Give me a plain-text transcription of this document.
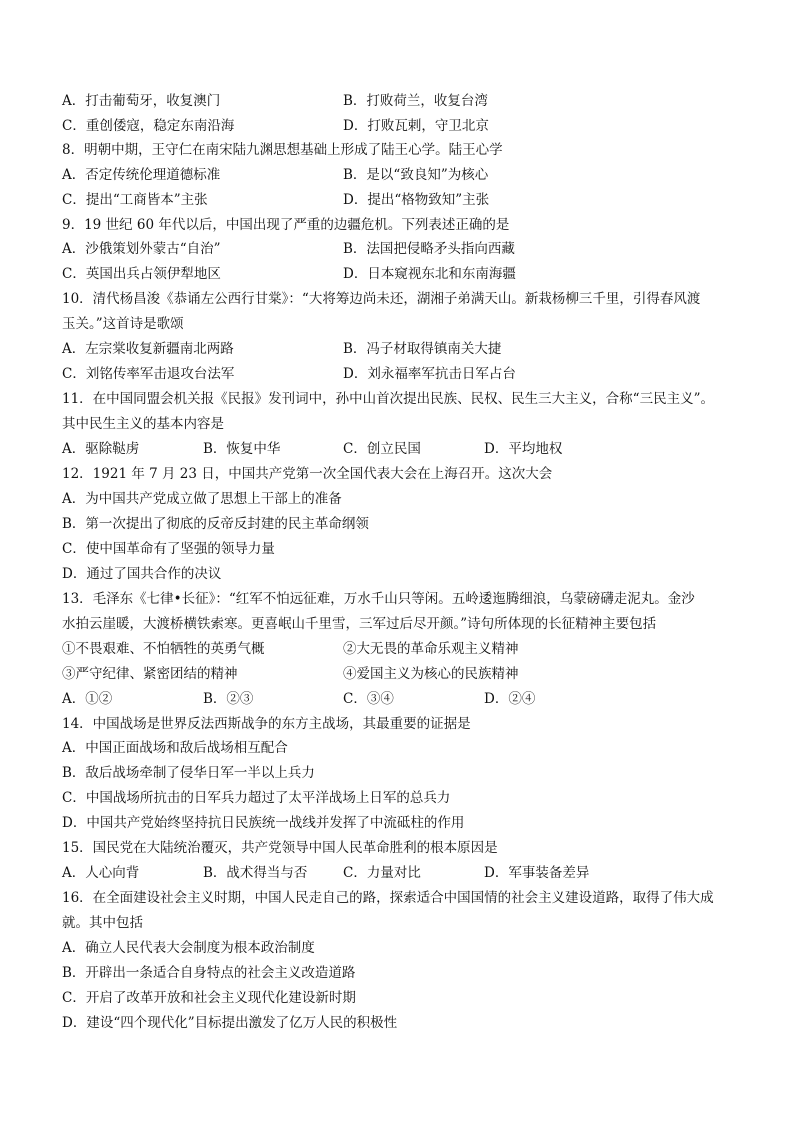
A．打击葡萄牙，收复澳门	B．打败荷兰，收复台湾
C．重创倭寇，稳定东南沿海	D．打败瓦剌，守卫北京
8．明朝中期，王守仁在南宋陆九渊思想基础上形成了陆王心学。陆王心学
A．否定传统伦理道德标准	B．是以“致良知”为核心
C．提出“工商皆本”主张	D．提出“格物致知”主张
9．19 世纪 60 年代以后，中国出现了严重的边疆危机。下列表述正确的是
A．沙俄策划外蒙古“自治”	B．法国把侵略矛头指向西藏
C．英国出兵占领伊犁地区	D．日本窥视东北和东南海疆
10．清代杨昌浚《恭诵左公西行甘棠》：“大将筹边尚未还，湖湘子弟满天山。新栽杨柳三千里，引得春风渡
玉关。”这首诗是歌颂
A．左宗棠收复新疆南北两路	B．冯子材取得镇南关大捷
C．刘铭传率军击退攻台法军	D．刘永福率军抗击日军占台
11．在中国同盟会机关报《民报》发刊词中，孙中山首次提出民族、民权、民生三大主义，合称“三民主义”。
其中民生主义的基本内容是
A．驱除鞑虏	B．恢复中华	C．创立民国	D．平均地权
12．1921 年 7 月 23 日，中国共产党第一次全国代表大会在上海召开。这次大会
A．为中国共产党成立做了思想上干部上的准备
B．第一次提出了彻底的反帝反封建的民主革命纲领
C．使中国革命有了坚强的领导力量
D．通过了国共合作的决议
13．毛泽东《七律•长征》：“红军不怕远征难，万水千山只等闲。五岭逶迤腾细浪，乌蒙磅礴走泥丸。金沙
水拍云崖暖，大渡桥横铁索寒。更喜岷山千里雪，三军过后尽开颜。”诗句所体现的长征精神主要包括
①不畏艰难、不怕牺牲的英勇气概	②大无畏的革命乐观主义精神
③严守纪律、紧密团结的精神	④爱国主义为核心的民族精神
A．①②	B．②③	C．③④	D．②④
14．中国战场是世界反法西斯战争的东方主战场，其最重要的证据是
A．中国正面战场和敌后战场相互配合
B．敌后战场牵制了侵华日军一半以上兵力
C．中国战场所抗击的日军兵力超过了太平洋战场上日军的总兵力
D．中国共产党始终坚持抗日民族统一战线并发挥了中流砥柱的作用
15．国民党在大陆统治覆灭，共产党领导中国人民革命胜利的根本原因是
A．人心向背	B．战术得当与否	C．力量对比	D．军事装备差异
16．在全面建设社会主义时期，中国人民走自己的路，探索适合中国国情的社会主义建设道路，取得了伟大成
就。其中包括
A．确立人民代表大会制度为根本政治制度
B．开辟出一条适合自身特点的社会主义改造道路
C．开启了改革开放和社会主义现代化建设新时期
D．建设“四个现代化”目标提出激发了亿万人民的积极性
